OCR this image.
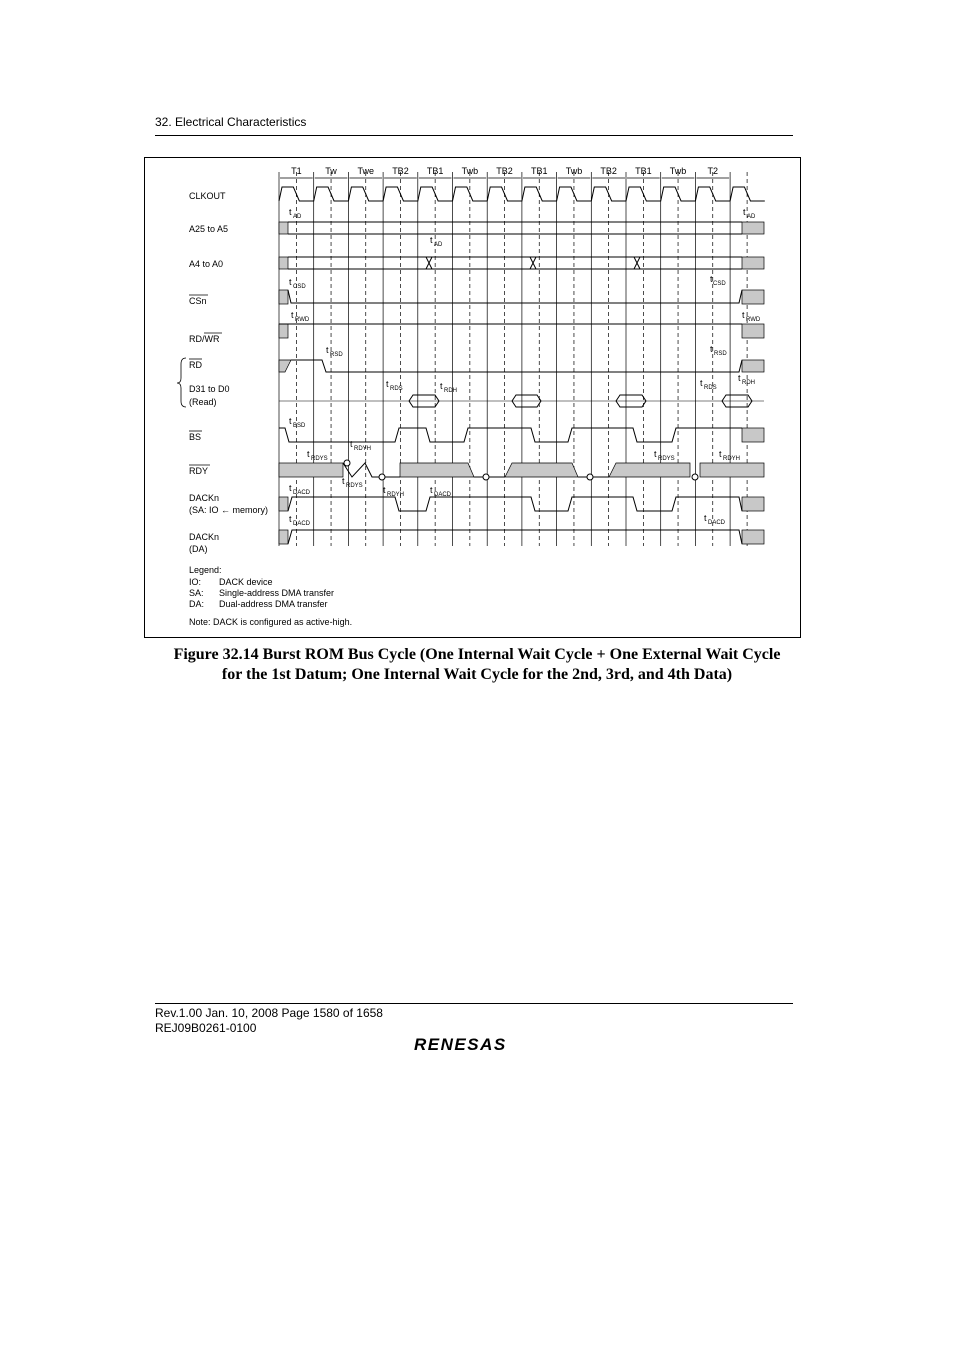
32. Electrical Characteristics
T1	Tw Twe TB2 TB1 Twb TB2 TB1 Twb TB2 TB1 Twb T2
CLKOUT
A25 to A5
A4 to A0
CSn
RD/WR
RD
D31 to D0
(Read)
BS
RDY
DACKn
(SA: IO ← memory)
DACKn
(DA)
t AD	t AD
t AD
t CSD
t CSD
t RWD	t RWD
t RSD
t RSD
t RDS	t RDH
t RDS
t RDH
t BSD
t RDYS
t RDYH
t RDYS t RDYH
t RDYS	t RDYH
t DACD	t DACD
t DACD
t DACD
Legend:
IO: DACK device
SA: Single-address DMA transfer
DA: Dual-address DMA transfer
Note: DACK is configured as active-high.
Figure 32.14 Burst ROM Bus Cycle (One Internal Wait Cycle + One External Wait Cycle
for the 1st Datum; One Internal Wait Cycle for the 2nd, 3rd, and 4th Data)
Rev.1.00 Jan. 10, 2008 Page 1580 of 1658
REJ09B0261-0100
RENESAS
